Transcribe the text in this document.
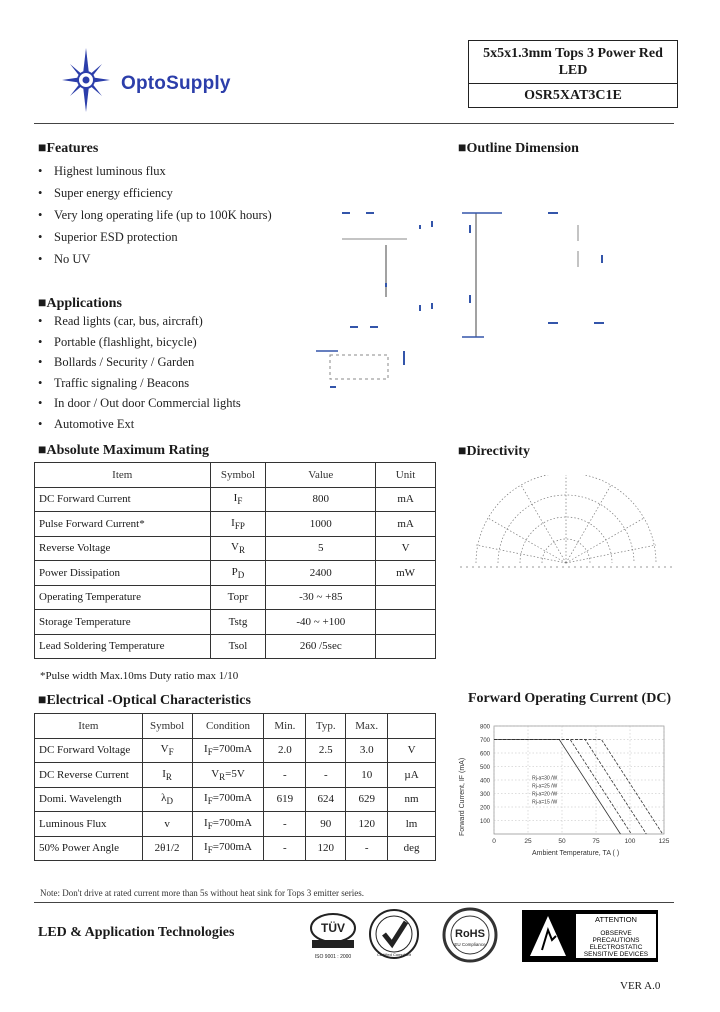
OptoSupply
5x5x1.3mm Tops 3 Power Red
LED
OSR5XAT3C1E
■Features
• Highest luminous flux
• Super energy efficiency
• Very long operating life (up to 100K hours)
• Superior ESD protection
• No UV
■Outline Dimension
■Applications
• Read lights (car, bus, aircraft)
• Portable (flashlight, bicycle)
• Bollards / Security / Garden
• Traffic signaling / Beacons
• In door / Out door Commercial lights
• Automotive Ext
■Absolute Maximum Rating
Item	Symbol	Value	Unit
DC Forward Current	$I_F$	800	mA
Pulse Forward Current*	$I_{FP}$	1000	mA
Reverse Voltage	$V_R$	5	V
Power Dissipation	$P_D$	2400	mW
Operating Temperature	Topr	-30 ~ +85	
Storage Temperature	Tstg	-40 ~ +100	
Lead Soldering Temperature	Tsol	260 /5sec	
*Pulse width Max.10ms Duty ratio max 1/10
■Directivity
■Electrical -Optical Characteristics
Item	Symbol	Condition	Min.	Typ.	Max.	
DC Forward Voltage	$V_F$	$I_F=700mA$	2.0	2.5	3.0	V
DC Reverse Current	$I_R$	$V_R=5V$	-	-	10	µA
Domi. Wavelength	$\lambda_D$	$I_F=700mA$	619	624	629	nm
Luminous Flux	v	$I_F=700mA$	-	90	120	lm
50% Power Angle	2θ1/2	$I_F=700mA$	-	120	-	deg
Note: Don't drive at rated current more than 5s without heat sink for Tops 3 emitter series.
Forward Operating Current (DC)
100
200
300
400
500
600
700
800
0	25	50	75	100	125
Rj-a=30 /W
Rj-a=25 /W
Rj-a=20 /W
Rj-a=15 /W
Forward Current, IF (mA)
Ambient Temperature, TA ( )
LED & Application Technologies	TÜV
ISO 9001 : 2000	Certified Compliant
RoHS
EU Compliance
ATTENTION
OBSERVE PRECAUTIONS
ELECTROSTATIC
SENSITIVE DEVICES
VER A.0
